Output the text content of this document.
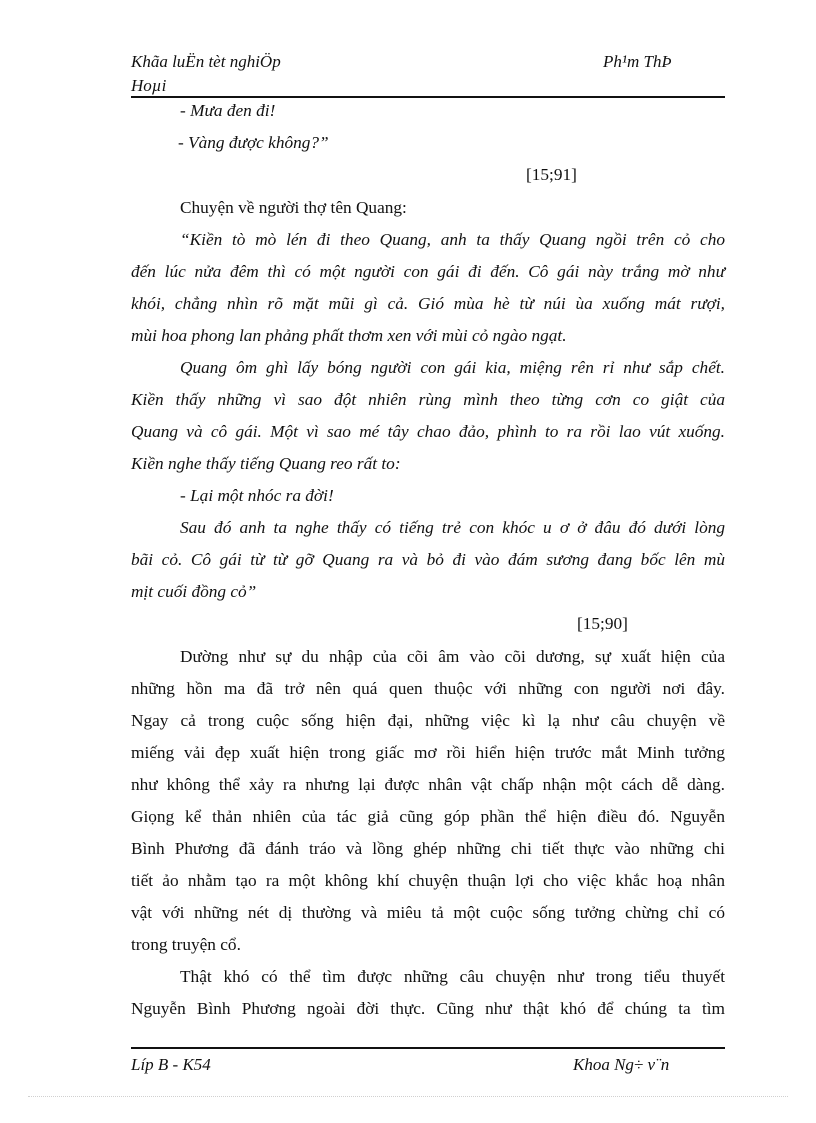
Khãa luËn tèt nghiÖp
Hoµi
Ph¹m ThÞ
- Mưa đen đi!
- Vàng được không?”
[15;91]
Chuyện về người thợ tên Quang:
“Kiền tò mò lén đi theo Quang, anh ta thấy Quang ngồi trên cỏ cho
đến lúc nửa đêm thì có một người con gái đi đến. Cô gái này trắng mờ như
khói, chẳng nhìn rõ mặt mũi gì cả. Gió mùa hè từ núi ùa xuống mát rượi,
mùi hoa phong lan phảng phất thơm xen với mùi cỏ ngào ngạt.
Quang ôm ghì lấy bóng người con gái kia, miệng rên rỉ như sắp chết.
Kiền thấy những vì sao đột nhiên rùng mình theo từng cơn co giật của
Quang và cô gái. Một vì sao mé tây chao đảo, phình to ra rồi lao vút xuống.
Kiền nghe thấy tiếng Quang reo rất to:
- Lại một nhóc ra đời!
Sau đó anh ta nghe thấy có tiếng trẻ con khóc u ơ ở đâu đó dưới lòng
bãi cỏ. Cô gái từ từ gỡ Quang ra và bỏ đi vào đám sương đang bốc lên mù
mịt cuối đồng cỏ”
[15;90]
Dường như sự du nhập của cõi âm vào cõi dương, sự xuất hiện của
những hồn ma đã trở nên quá quen thuộc với những con người nơi đây.
Ngay cả trong cuộc sống hiện đại, những việc kì lạ như câu chuyện về
miếng vải đẹp xuất hiện trong giấc mơ rồi hiển hiện trước mắt Minh tưởng
như không thể xảy ra nhưng lại được nhân vật chấp nhận một cách dễ dàng.
Giọng kể thản nhiên của tác giả cũng góp phần thể hiện điều đó. Nguyễn
Bình Phương đã đánh tráo và lồng ghép những chi tiết thực vào những chi
tiết ảo nhằm tạo ra một không khí chuyện thuận lợi cho việc khắc hoạ nhân
vật với những nét dị thường và miêu tả một cuộc sống tưởng chừng chỉ có
trong truyện cổ.
Thật khó có thể tìm được những câu chuyện như trong tiểu thuyết
Nguyễn Bình Phương ngoài đời thực. Cũng như thật khó để chúng ta tìm
Líp B - K54	Khoa Ng÷ v¨n
